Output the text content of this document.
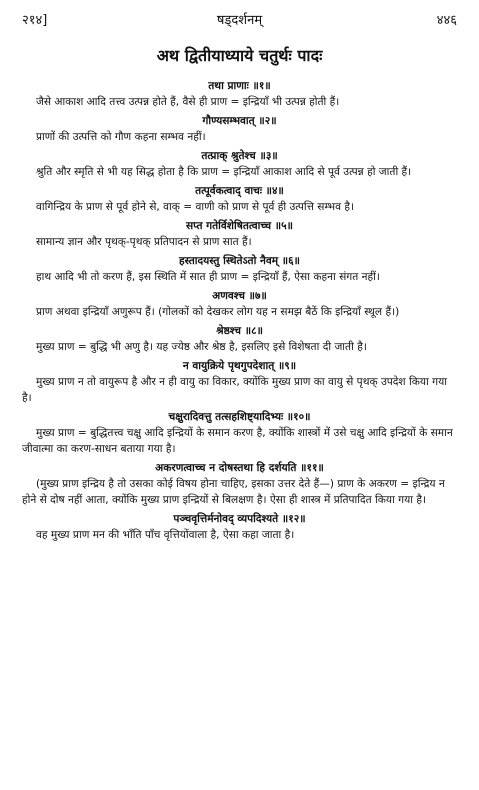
२१४]	षड्दर्शनम्	४४६
अथ द्वितीयाध्याये चतुर्थः पादः
तथा प्राणाः ॥१॥
जैसे आकाश आदि तत्त्व उत्पन्न होते हैं, वैसे ही प्राण = इन्द्रियाँ भी उत्पन्न होती हैं।
गौण्यसम्भवात् ॥२॥
प्राणों की उत्पत्ति को गौण कहना सम्भव नहीं।
तत्प्राक् श्रुतेश्च ॥३॥
श्रुति और स्मृति से भी यह सिद्ध होता है कि प्राण = इन्द्रियाँ आकाश आदि से पूर्व उत्पन्न हो जाती हैं।
तत्पूर्वकत्वाद् वाचः ॥४॥
वागिन्द्रिय के प्राण से पूर्व होने से, वाक् = वाणी को प्राण से पूर्व ही उत्पत्ति सम्भव है।
सप्त गतेर्विशेषितत्वाच्च ॥५॥
सामान्य ज्ञान और पृथक्-पृथक् प्रतिपादन से प्राण सात हैं।
हस्तादयस्तु स्थितेऽतो नैवम् ॥६॥
हाथ आदि भी तो करण हैं, इस स्थिति में सात ही प्राण = इन्द्रियाँ हैं, ऐसा कहना संगत नहीं।
अणवश्च ॥७॥
प्राण अथवा इन्द्रियाँ अणुरूप हैं। (गोलकों को देखकर लोग यह न समझ बैठें कि इन्द्रियाँ स्थूल हैं।)
श्रेष्ठश्च ॥८॥
मुख्य प्राण = बुद्धि भी अणु है। यह ज्येष्ठ और श्रेष्ठ है, इसलिए इसे विशेषता दी जाती है।
न वायुक्रिये पृथगुपदेशात् ॥९॥
मुख्य प्राण न तो वायुरूप है और न ही वायु का विकार, क्योंकि मुख्य प्राण का वायु से पृथक् उपदेश किया गया है।
चक्षुरादिवत्तु तत्सहशिष्ट्यादिभ्यः ॥१०॥
मुख्य प्राण = बुद्धितत्त्व चक्षु आदि इन्द्रियों के समान करण है, क्योंकि शास्त्रों में उसे चक्षु आदि इन्द्रियों के समान जीवात्मा का करण-साधन बताया गया है।
अकरणत्वाच्च न दोषस्तथा हि दर्शयति ॥११॥
(मुख्य प्राण इन्द्रिय है तो उसका कोई विषय होना चाहिए, इसका उत्तर देते हैं—) प्राण के अकरण = इन्द्रिय न होने से दोष नहीं आता, क्योंकि मुख्य प्राण इन्द्रियों से बिलक्षण है। ऐसा ही शास्त्र में प्रतिपादित किया गया है।
पञ्चवृत्तिर्मनोवद् व्यपदिश्यते ॥१२॥
वह मुख्य प्राण मन की भाँति पाँच वृत्तियोंवाला है, ऐसा कहा जाता है।
